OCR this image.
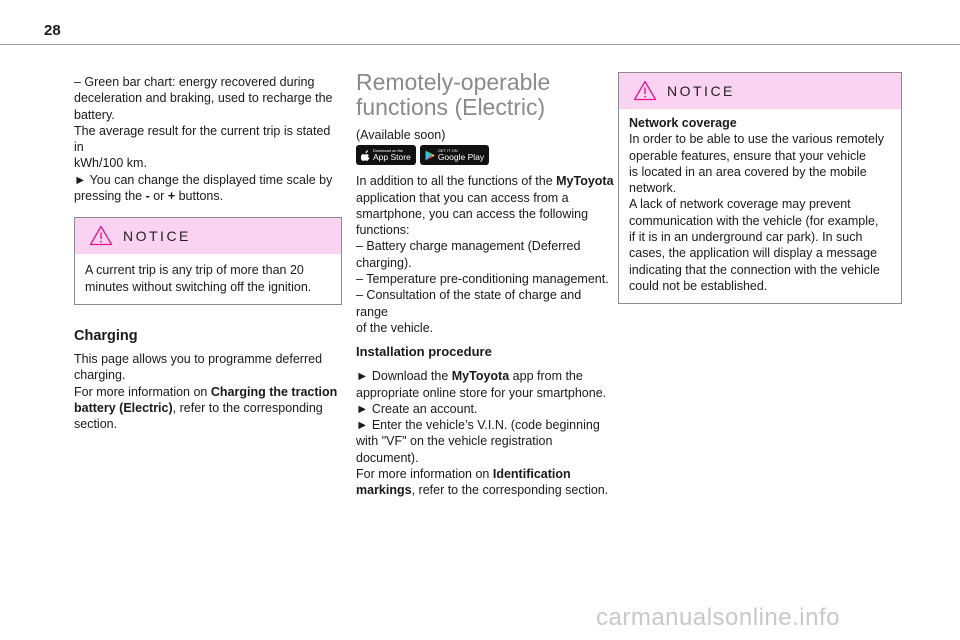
28

– Green bar chart: energy recovered during
deceleration and braking, used to recharge the
battery.
The average result for the current trip is stated in
kWh/100 km.

► You can change the displayed time scale by
pressing the - or + buttons.

NOTICE
A current trip is any trip of more than 20
minutes without switching off the ignition.
Charging

This page allows you to programme deferred
charging.
For more information on Charging the traction
battery (Electric), refer to the corresponding
section.

Remotely-operable
functions (Electric)

(Available soon)

Download on the
App Store
GET IT ON
Google Play

In addition to all the functions of the MyToyota
application that you can access from a
smartphone, you can access the following
functions:
– Battery charge management (Deferred
charging).
– Temperature pre-conditioning management.
– Consultation of the state of charge and range
of the vehicle.

Installation procedure

► Download the MyToyota app from the
appropriate online store for your smartphone.
► Create an account.
► Enter the vehicle’s V.I.N. (code beginning
with "VF" on the vehicle registration document).
For more information on Identification
markings, refer to the corresponding section.

NOTICE
Network coverage
In order to be able to use the various remotely
operable features, ensure that your vehicle
is located in an area covered by the mobile
network.
A lack of network coverage may prevent
communication with the vehicle (for example,
if it is in an underground car park). In such
cases, the application will display a message
indicating that the connection with the vehicle
could not be established.
carmanualsonline.info
